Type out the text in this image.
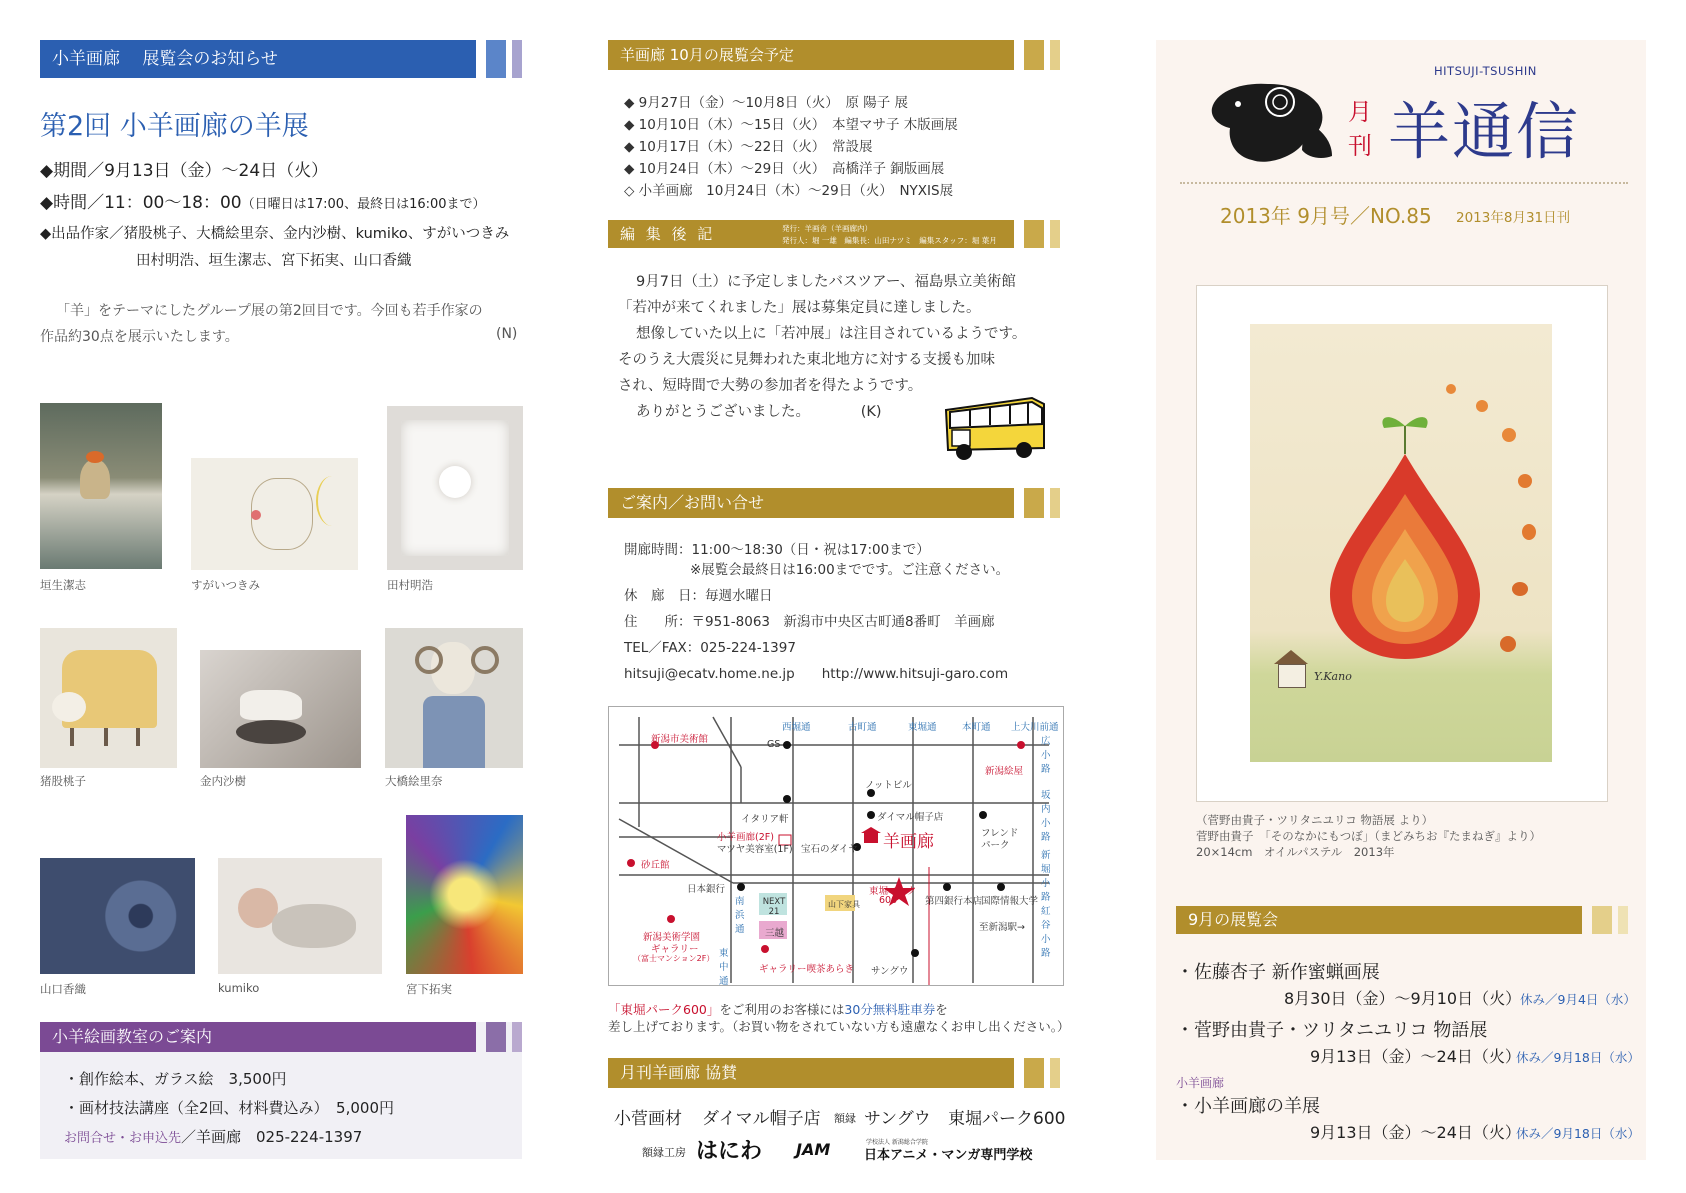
小羊画廊　 展覧会のお知らせ
第2回 小羊画廊の羊展
◆期間／9月13日（金）〜24日（火）
◆時間／11：00〜18：00（日曜日は17:00、最終日は16:00まで）
◆出品作家／猪股桃子、大橋絵里奈、金内沙樹、kumiko、すがいつきみ
田村明浩、垣生潔志、宮下拓実、山口香織
「羊」をテーマにしたグループ展の第2回目です。今回も若手作家の
作品約30点を展示いたします。	(N)
垣生潔志	すがいつきみ	田村明浩
猪股桃子	金内沙樹	大橋絵里奈
山口香織	kumiko	宮下拓実
小羊絵画教室のご案内
・創作絵本、ガラス絵　3,500円
・画材技法講座（全2回、材料費込み）　5,000円
お問合せ・お申込先／羊画廊　025-224-1397
羊画廊 10月の展覧会予定
◆ 9月27日（金）〜10月8日（火）　原 陽子 展
◆ 10月10日（木）〜15日（火）　本望マサ子 木版画展
◆ 10月17日（木）〜22日（火）　常設展
◆ 10月24日（木）〜29日（火）　高橋洋子 銅版画展
◇ 小羊画廊　10月24日（木）〜29日（火）　NYXIS展
編 集 後 記	発行：羊画舎（羊画廊内）
発行人：堀 一雄　編集長：山田ナツミ　編集スタッフ：堀 葉月
9月7日（土）に予定しましたバスツアー、福島県立美術館
「若冲が来てくれました」展は募集定員に達しました。
想像していた以上に「若冲展」は注目されているようです。
そのうえ大震災に見舞われた東北地方に対する支援も加味
され、短時間で大勢の参加者を得たようです。
ありがとうございました。　　　　(K)
ご案内／お問い合せ
開廊時間：11:00〜18:30（日・祝は17:00まで）
※展覧会最終日は16:00までです。ご注意ください。
休　廊　日：毎週水曜日
住　　所：〒951-8063　新潟市中央区古町通8番町　羊画廊
TEL／FAX：025-224-1397
hitsuji@ecatv.home.ne.jp　　http://www.hitsuji-garo.com
西堀通	古町通	東堀通	本町通 上大川前通
新潟市美術館	GS
ノットビル
イタリア軒	ダイマル帽子店
新潟絵屋
小羊画廊(2F)
マツヤ美容室(1F) 宝石のダイヤ 羊画廊	フレンド
パーク
砂丘館
日本銀行
NEXT 21
山下家具
東堀パーク
600	第四銀行本店
国際情報大学
至新潟駅→
南浜通 三越
新潟美術学園
ギャラリー
（富士マンション2F） 東中通
ギャラリー喫茶あらき サングウ
広小路
坂内小路
新堀小路
紅谷小路
「東堀パーク600」をご利用のお客様には30分無料駐車券を
差し上げております。（お買い物をされていない方も遠慮なくお申し出ください。）
月刊羊画廊 協賛
小菅画材 ダイマル帽子店 額縁 サングウ 東堀パーク600
額縁工房 はにわ JAM	学校法人 新潟総合学院
日本アニメ・マンガ専門学校
HITSUJI-TSUSHIN
月
刊 羊通信
2013年 9月号／NO.85 2013年8月31日刊
Y.Kano
（菅野由貴子・ツリタニユリコ 物語展 より）
菅野由貴子　「そのなかにもつぼ」（まどみちお『たまねぎ』より）
20×14cm　オイルパステル　2013年
9月の展覧会
・佐藤杏子 新作蜜蝋画展
8月30日（金）〜9月10日（火）
休み／9月4日（水）
・菅野由貴子・ツリタニユリコ 物語展
9月13日（金）〜24日（火）
休み／9月18日（水）
小羊画廊
・小羊画廊の羊展
9月13日（金）〜24日（火）
休み／9月18日（水）
